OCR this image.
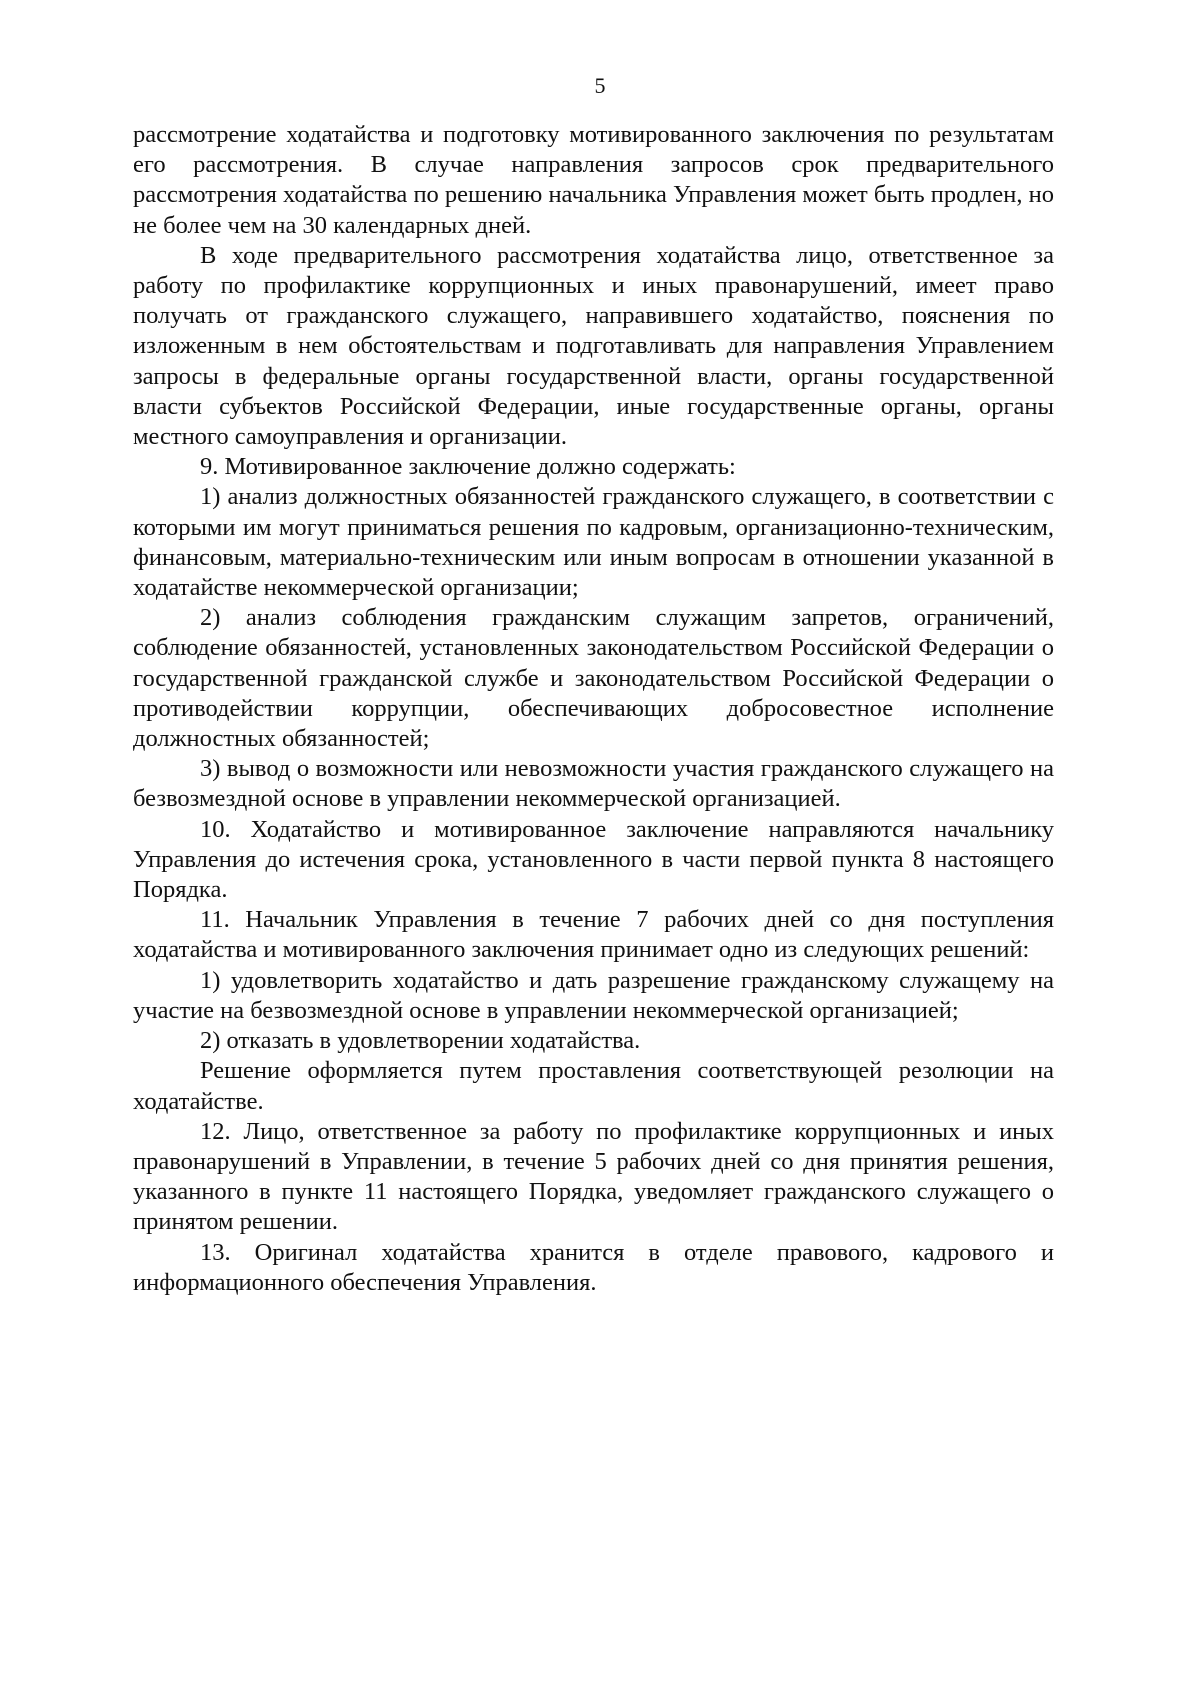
5

рассмотрение ходатайства и подготовку мотивированного заключения по результатам его рассмотрения. В случае направления запросов срок предварительного рассмотрения ходатайства по решению начальника Управления может быть продлен, но не более чем на 30 календарных дней.

В ходе предварительного рассмотрения ходатайства лицо, ответственное за работу по профилактике коррупционных и иных правонарушений, имеет право получать от гражданского служащего, направившего ходатайство, пояснения по изложенным в нем обстоятельствам и подготавливать для направления Управлением запросы в федеральные органы государственной власти, органы государственной власти субъектов Российской Федерации, иные государственные органы, органы местного самоуправления и организации.

9. Мотивированное заключение должно содержать:

1) анализ должностных обязанностей гражданского служащего, в соответствии с которыми им могут приниматься решения по кадровым, организационно-техническим, финансовым, материально-техническим или иным вопросам в отношении указанной в ходатайстве некоммерческой организации;

2) анализ соблюдения гражданским служащим запретов, ограничений, соблюдение обязанностей, установленных законодательством Российской Федерации о государственной гражданской службе и законодательством Российской Федерации о противодействии коррупции, обеспечивающих добросовестное исполнение должностных обязанностей;

3) вывод о возможности или невозможности участия гражданского служащего на безвозмездной основе в управлении некоммерческой организацией.

10. Ходатайство и мотивированное заключение направляются начальнику Управления до истечения срока, установленного в части первой пункта 8 настоящего Порядка.

11. Начальник Управления в течение 7 рабочих дней со дня поступления ходатайства и мотивированного заключения принимает одно из следующих решений:

1) удовлетворить ходатайство и дать разрешение гражданскому служащему на участие на безвозмездной основе в управлении некоммерческой организацией;

2) отказать в удовлетворении ходатайства.

Решение оформляется путем проставления соответствующей резолюции на ходатайстве.

12. Лицо, ответственное за работу по профилактике коррупционных и иных правонарушений в Управлении, в течение 5 рабочих дней со дня принятия решения, указанного в пункте 11 настоящего Порядка, уведомляет гражданского служащего о принятом решении.

13. Оригинал ходатайства хранится в отделе правового, кадрового и информационного обеспечения Управления.
